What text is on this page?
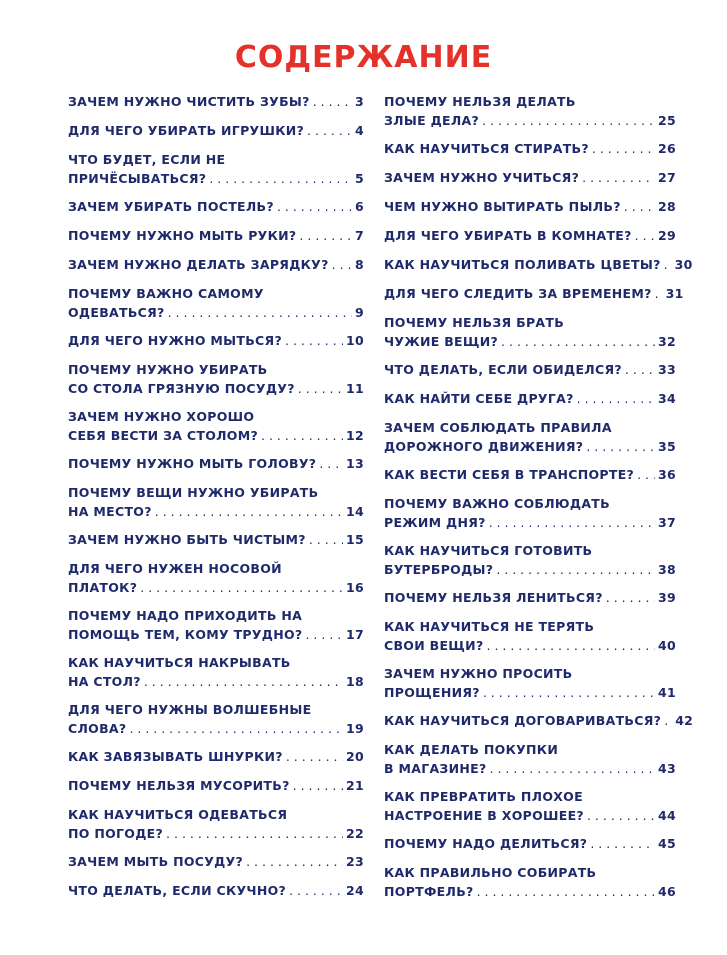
СОДЕРЖАНИЕ
ЗАЧЕМ НУЖНО ЧИСТИТЬ ЗУБЫ? . . .	3
ДЛЯ ЧЕГО УБИРАТЬ ИГРУШКИ? . . .	4
ЧТО БУДЕТ, ЕСЛИ НЕ
ПРИЧЁСЫВАТЬСЯ? . . .	5
ЗАЧЕМ УБИРАТЬ ПОСТЕЛЬ? . . .	6
ПОЧЕМУ НУЖНО МЫТЬ РУКИ? . . .	7
ЗАЧЕМ НУЖНО ДЕЛАТЬ ЗАРЯДКУ? . . . 8
ПОЧЕМУ ВАЖНО САМОМУ
ОДЕВАТЬСЯ? . . .	9
ДЛЯ ЧЕГО НУЖНО МЫТЬСЯ? . . .	10
ПОЧЕМУ НУЖНО УБИРАТЬ
СО СТОЛА ГРЯЗНУЮ ПОСУДУ? . . .	11
ЗАЧЕМ НУЖНО ХОРОШО
СЕБЯ ВЕСТИ ЗА СТОЛОМ? . . .	12
ПОЧЕМУ НУЖНО МЫТЬ ГОЛОВУ? . . . 13
ПОЧЕМУ ВЕЩИ НУЖНО УБИРАТЬ
НА МЕСТО? . . .	14
ЗАЧЕМ НУЖНО БЫТЬ ЧИСТЫМ? . . .	15
ДЛЯ ЧЕГО НУЖЕН НОСОВОЙ
ПЛАТОК? . . .	16
ПОЧЕМУ НАДО ПРИХОДИТЬ НА
ПОМОЩЬ ТЕМ, КОМУ ТРУДНО? . . .	17
КАК НАУЧИТЬСЯ НАКРЫВАТЬ
НА СТОЛ? . . .	18
ДЛЯ ЧЕГО НУЖНЫ ВОЛШЕБНЫЕ
СЛОВА? . . .	19
КАК ЗАВЯЗЫВАТЬ ШНУРКИ? . . .	20
ПОЧЕМУ НЕЛЬЗЯ МУСОРИТЬ? . . .	21
КАК НАУЧИТЬСЯ ОДЕВАТЬСЯ
ПО ПОГОДЕ? . . .	22
ЗАЧЕМ МЫТЬ ПОСУДУ? . . .	23
ЧТО ДЕЛАТЬ, ЕСЛИ СКУЧНО? . . .	24
ПОЧЕМУ НЕЛЬЗЯ ДЕЛАТЬ
ЗЛЫЕ ДЕЛА? . . .	25
КАК НАУЧИТЬСЯ СТИРАТЬ? . . .	26
ЗАЧЕМ НУЖНО УЧИТЬСЯ? . . .	27
ЧЕМ НУЖНО ВЫТИРАТЬ ПЫЛЬ? . . .	28
ДЛЯ ЧЕГО УБИРАТЬ В КОМНАТЕ? . . . 29
КАК НАУЧИТЬСЯ ПОЛИВАТЬ ЦВЕТЫ? . . . 30
ДЛЯ ЧЕГО СЛЕДИТЬ ЗА ВРЕМЕНЕМ? . . . 31
ПОЧЕМУ НЕЛЬЗЯ БРАТЬ
ЧУЖИЕ ВЕЩИ? . . .	32
ЧТО ДЕЛАТЬ, ЕСЛИ ОБИДЕЛСЯ? . . .	33
КАК НАЙТИ СЕБЕ ДРУГА? . . .	34
ЗАЧЕМ СОБЛЮДАТЬ ПРАВИЛА
ДОРОЖНОГО ДВИЖЕНИЯ? . . .	35
КАК ВЕСТИ СЕБЯ В ТРАНСПОРТЕ? . . . 36
ПОЧЕМУ ВАЖНО СОБЛЮДАТЬ
РЕЖИМ ДНЯ? . . .	37
КАК НАУЧИТЬСЯ ГОТОВИТЬ
БУТЕРБРОДЫ? . . .	38
ПОЧЕМУ НЕЛЬЗЯ ЛЕНИТЬСЯ? . . .	39
КАК НАУЧИТЬСЯ НЕ ТЕРЯТЬ
СВОИ ВЕЩИ? . . .	40
ЗАЧЕМ НУЖНО ПРОСИТЬ
ПРОЩЕНИЯ? . . .	41
КАК НАУЧИТЬСЯ ДОГОВАРИВАТЬСЯ? . . . 42
КАК ДЕЛАТЬ ПОКУПКИ
В МАГАЗИНЕ? . . .	43
КАК ПРЕВРАТИТЬ ПЛОХОЕ
НАСТРОЕНИЕ В ХОРОШЕЕ? . . .	44
ПОЧЕМУ НАДО ДЕЛИТЬСЯ? . . .	45
КАК ПРАВИЛЬНО СОБИРАТЬ
ПОРТФЕЛЬ? . . .	46
